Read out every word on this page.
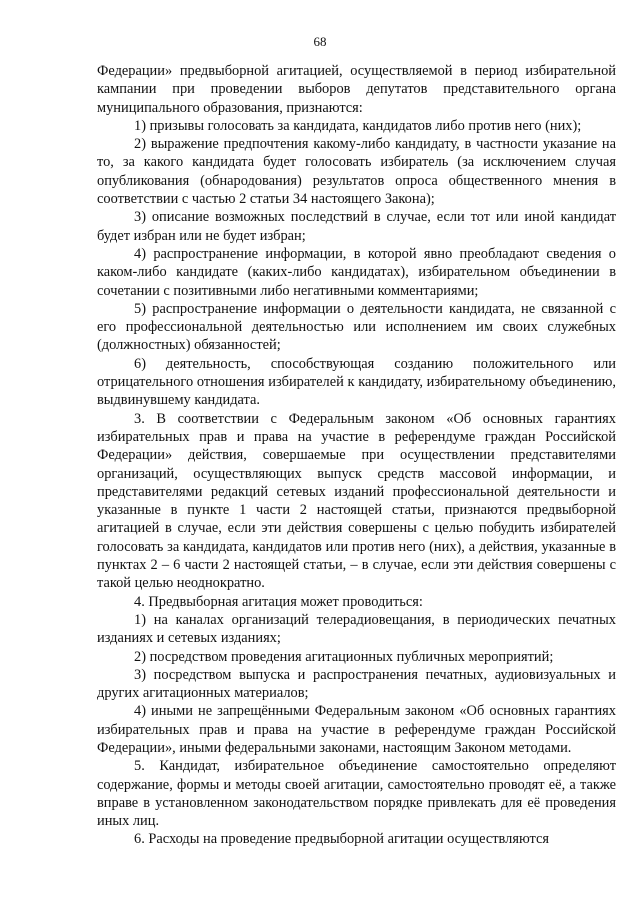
68

Федерации» предвыборной агитацией, осуществляемой в период избирательной кампании при проведении выборов депутатов представительного органа муниципального образования, признаются:

1) призывы голосовать за кандидата, кандидатов либо против него (них);

2) выражение предпочтения какому-либо кандидату, в частности указание на то, за какого кандидата будет голосовать избиратель (за исключением случая опубликования (обнародования) результатов опроса общественного мнения в соответствии с частью 2 статьи 34 настоящего Закона);

3) описание возможных последствий в случае, если тот или иной кандидат будет избран или не будет избран;

4) распространение информации, в которой явно преобладают сведения о каком-либо кандидате (каких-либо кандидатах), избирательном объединении в сочетании с позитивными либо негативными комментариями;

5) распространение информации о деятельности кандидата, не связанной с его профессиональной деятельностью или исполнением им своих служебных (должностных) обязанностей;

6) деятельность, способствующая созданию положительного или отрицательного отношения избирателей к кандидату, избирательному объединению, выдвинувшему кандидата.

3. В соответствии с Федеральным законом «Об основных гарантиях избирательных прав и права на участие в референдуме граждан Российской Федерации» действия, совершаемые при осуществлении представителями организаций, осуществляющих выпуск средств массовой информации, и представителями редакций сетевых изданий профессиональной деятельности и указанные в пункте 1 части 2 настоящей статьи, признаются предвыборной агитацией в случае, если эти действия совершены с целью побудить избирателей голосовать за кандидата, кандидатов или против него (них), а действия, указанные в пунктах 2 – 6 части 2 настоящей статьи, – в случае, если эти действия совершены с такой целью неоднократно.

4. Предвыборная агитация может проводиться:

1) на каналах организаций телерадиовещания, в периодических печатных изданиях и сетевых изданиях;

2) посредством проведения агитационных публичных мероприятий;

3) посредством выпуска и распространения печатных, аудиовизуальных и других агитационных материалов;

4) иными не запрещёнными Федеральным законом «Об основных гарантиях избирательных прав и права на участие в референдуме граждан Российской Федерации», иными федеральными законами, настоящим Законом методами.

5. Кандидат, избирательное объединение самостоятельно определяют содержание, формы и методы своей агитации, самостоятельно проводят её, а также вправе в установленном законодательством порядке привлекать для её проведения иных лиц.

6. Расходы на проведение предвыборной агитации осуществляются
